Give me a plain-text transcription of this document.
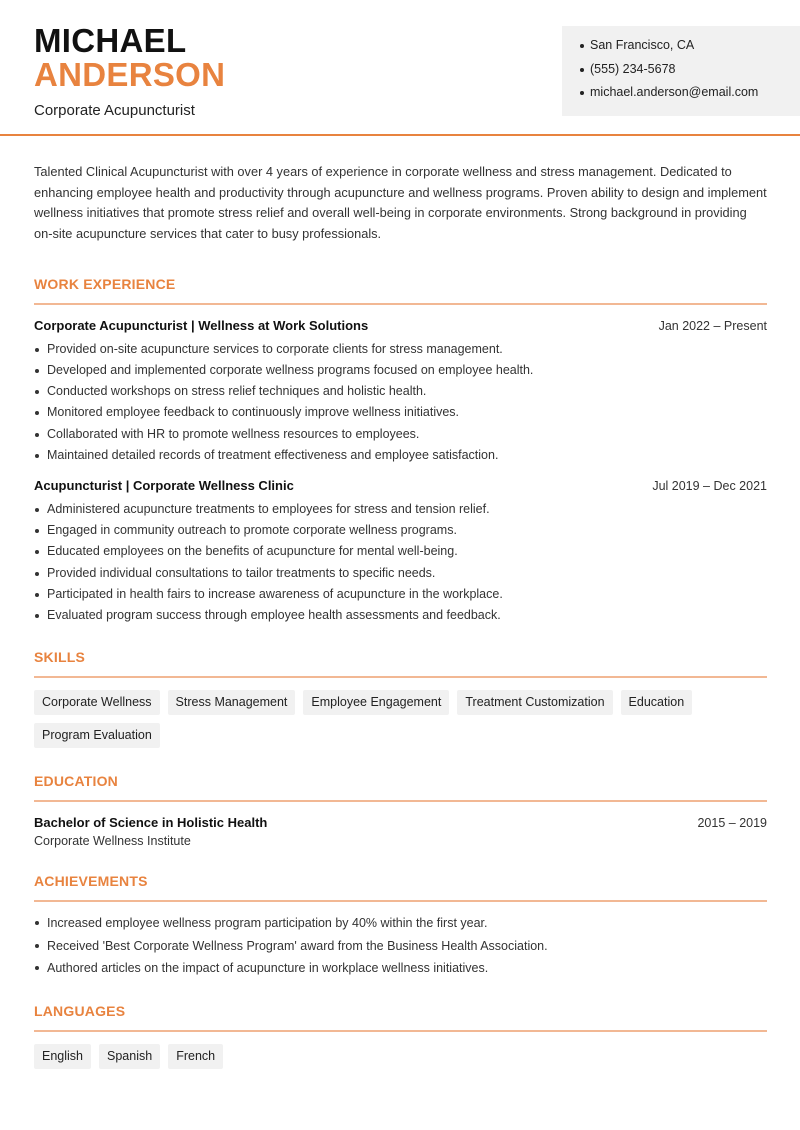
MICHAEL
ANDERSON
Corporate Acupuncturist
San Francisco, CA
(555) 234-5678
michael.anderson@email.com

Talented Clinical Acupuncturist with over 4 years of experience in corporate wellness and stress management. Dedicated to enhancing employee health and productivity through acupuncture and wellness programs. Proven ability to design and implement wellness initiatives that promote stress relief and overall well-being in corporate environments. Strong background in providing on-site acupuncture services that cater to busy professionals.

WORK EXPERIENCE
Corporate Acupuncturist | Wellness at Work Solutions	Jan 2022 – Present
Provided on-site acupuncture services to corporate clients for stress management.
Developed and implemented corporate wellness programs focused on employee health.
Conducted workshops on stress relief techniques and holistic health.
Monitored employee feedback to continuously improve wellness initiatives.
Collaborated with HR to promote wellness resources to employees.
Maintained detailed records of treatment effectiveness and employee satisfaction.
Acupuncturist | Corporate Wellness Clinic	Jul 2019 – Dec 2021
Administered acupuncture treatments to employees for stress and tension relief.
Engaged in community outreach to promote corporate wellness programs.
Educated employees on the benefits of acupuncture for mental well-being.
Provided individual consultations to tailor treatments to specific needs.
Participated in health fairs to increase awareness of acupuncture in the workplace.
Evaluated program success through employee health assessments and feedback.
SKILLS
Corporate Wellness	Stress Management	Employee Engagement	Treatment Customization	Education
Program Evaluation
EDUCATION
Bachelor of Science in Holistic Health	2015 – 2019
Corporate Wellness Institute
ACHIEVEMENTS
Increased employee wellness program participation by 40% within the first year.
Received 'Best Corporate Wellness Program' award from the Business Health Association.
Authored articles on the impact of acupuncture in workplace wellness initiatives.
LANGUAGES
English	Spanish	French
